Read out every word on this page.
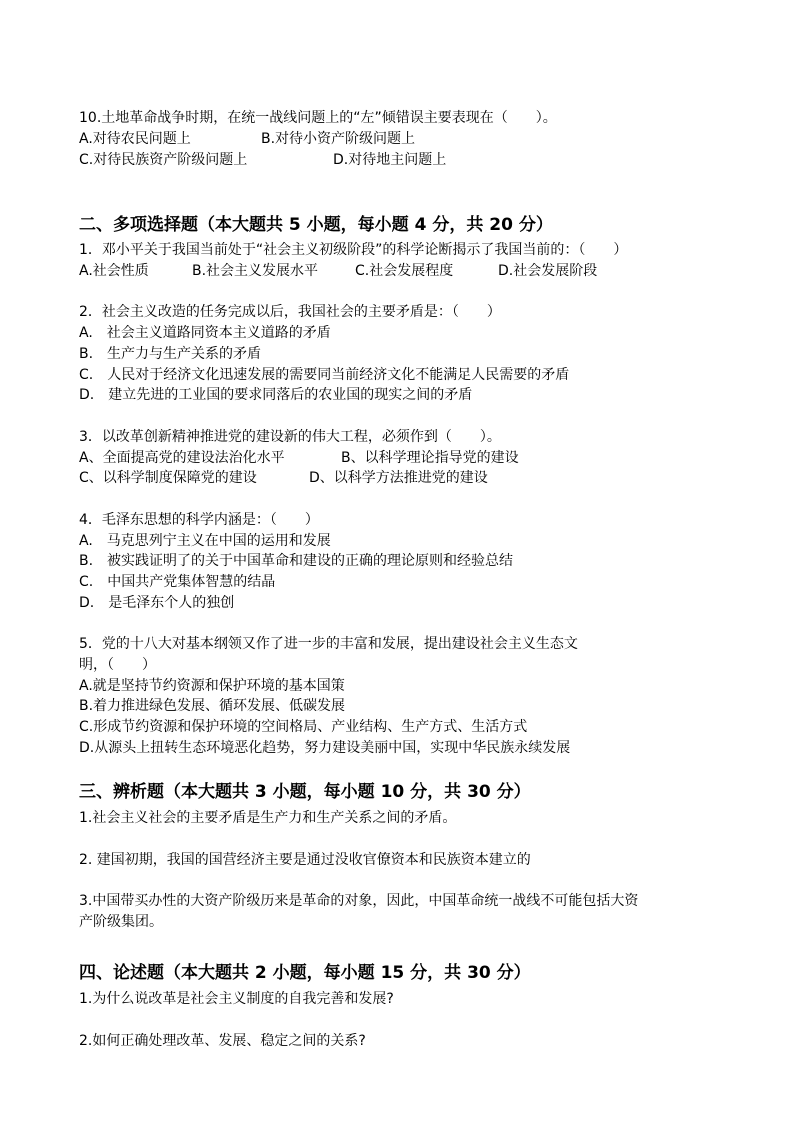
10.土地革命战争时期，在统一战线问题上的“左”倾错误主要表现在（　　）。
A.对待农民问题上	B.对待小资产阶级问题上
C.对待民族资产阶级问题上	D.对待地主问题上
二、多项选择题（本大题共 5 小题，每小题 4 分，共 20 分）
1．邓小平关于我国当前处于“社会主义初级阶段”的科学论断揭示了我国当前的：（　　）
A.社会性质	B.社会主义发展水平	C.社会发展程度	D.社会发展阶段
2．社会主义改造的任务完成以后，我国社会的主要矛盾是：（　　）
A.　社会主义道路同资本主义道路的矛盾
B.　生产力与生产关系的矛盾
C.　人民对于经济文化迅速发展的需要同当前经济文化不能满足人民需要的矛盾
D.　建立先进的工业国的要求同落后的农业国的现实之间的矛盾
3．以改革创新精神推进党的建设新的伟大工程，必须作到（　　）。
A、全面提高党的建设法治化水平	B、以科学理论指导党的建设
C、以科学制度保障党的建设	D、以科学方法推进党的建设
4．毛泽东思想的科学内涵是：（　　）
A.　马克思列宁主义在中国的运用和发展
B.　被实践证明了的关于中国革命和建设的正确的理论原则和经验总结
C.　中国共产党集体智慧的结晶
D.　是毛泽东个人的独创
5．党的十八大对基本纲领又作了进一步的丰富和发展，提出建设社会主义生态文
明，（　　）
A.就是坚持节约资源和保护环境的基本国策
B.着力推进绿色发展、循环发展、低碳发展
C.形成节约资源和保护环境的空间格局、产业结构、生产方式、生活方式
D.从源头上扭转生态环境恶化趋势，努力建设美丽中国，实现中华民族永续发展
三、辨析题（本大题共 3 小题，每小题 10 分，共 30 分）
1.社会主义社会的主要矛盾是生产力和生产关系之间的矛盾。
2. 建国初期，我国的国营经济主要是通过没收官僚资本和民族资本建立的
3.中国带买办性的大资产阶级历来是革命的对象，因此，中国革命统一战线不可能包括大资
产阶级集团。
四、论述题（本大题共 2 小题，每小题 15 分，共 30 分）
1.为什么说改革是社会主义制度的自我完善和发展?
2.如何正确处理改革、发展、稳定之间的关系?
